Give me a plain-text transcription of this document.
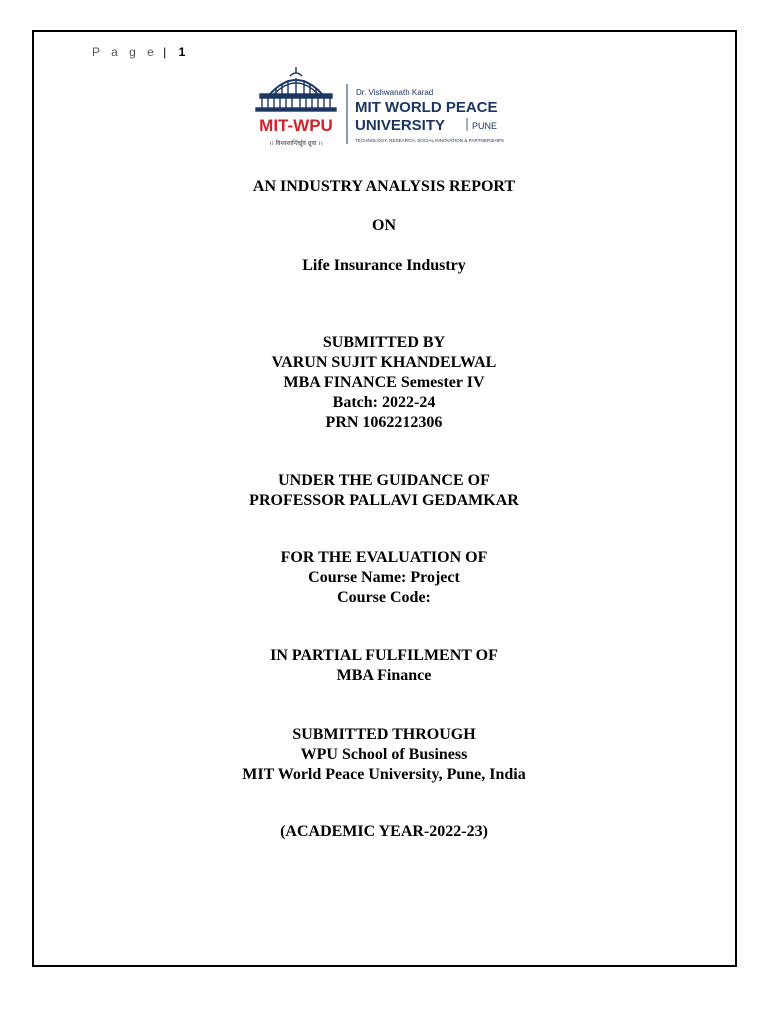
P a g e | 1
MIT-WPU
।। विश्वशान्तिर्ध्रुवं ध्रुवा ।।
Dr. Vishwanath Karad
MIT WORLD PEACE
UNIVERSITY	PUNE
TECHNOLOGY, RESEARCH, SOCIAL INNOVATION & PARTNERSHIPS
AN INDUSTRY ANALYSIS REPORT
ON
Life Insurance Industry
SUBMITTED BY
VARUN SUJIT KHANDELWAL
MBA FINANCE Semester IV
Batch: 2022-24
PRN 1062212306
UNDER THE GUIDANCE OF
PROFESSOR PALLAVI GEDAMKAR
FOR THE EVALUATION OF
Course Name: Project
Course Code:
IN PARTIAL FULFILMENT OF
MBA Finance
SUBMITTED THROUGH
WPU School of Business
MIT World Peace University, Pune, India
(ACADEMIC YEAR-2022-23)
